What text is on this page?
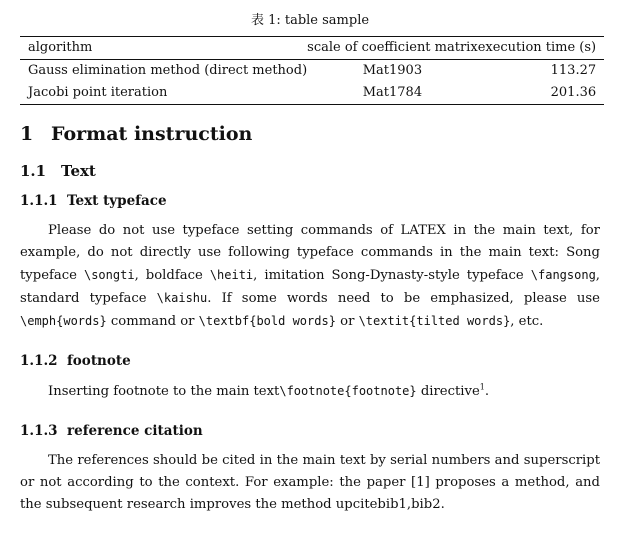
表 1: table sample
algorithm	scale of coefficient matrix	execution time (s)
Gauss elimination method (direct method)	Mat1903	113.27
Jacobi point iteration	Mat1784	201.36
1 Format instruction
1.1 Text
1.1.1 Text typeface

Please do not use typeface setting commands of LATEX in the main text, for example, do not directly use following typeface commands in the main text: Song typeface \songti, boldface \heiti, imitation Song-Dynasty-style typeface \fangsong, standard typeface \kaishu. If some words need to be emphasized, please use \emph{words} command or \textbf{bold words} or \textit{tilted words}, etc.

1.1.2 footnote

Inserting footnote to the main text\footnote{footnote} directive$^1$.

1.1.3 reference citation

The references should be cited in the main text by serial numbers and superscript or not according to the context. For example: the paper [1] proposes a method, and the subsequent research improves the method upcitebib1,bib2.
